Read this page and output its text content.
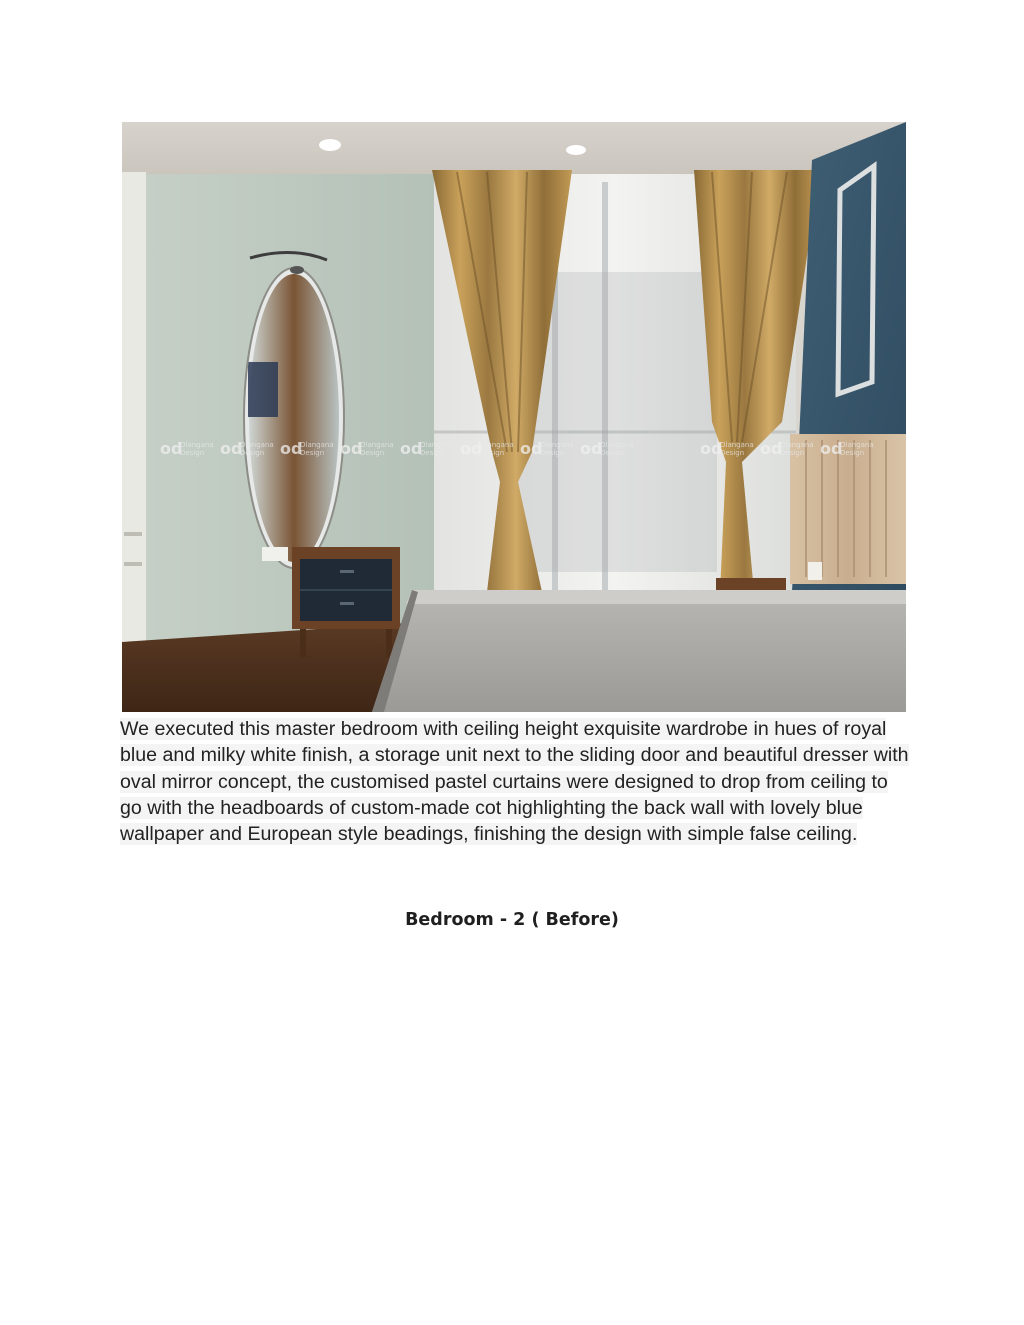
od
Olangana
Design od
Olangana
Design od
Olangana
Design od
Olangana
Design od
Olangana
Design od
Olangana
Design od
Olangana
Design od
Olangana
Design	od
Olangana
Design od
Olangana
Design od
Olangana
Design

We executed this master bedroom with ceiling height exquisite wardrobe in hues of royal blue and milky white finish, a storage unit next to the sliding door and beautiful dresser with oval mirror concept, the customised pastel curtains were designed to drop from ceiling to go with the headboards of custom-made cot highlighting the back wall with lovely blue wallpaper and European style beadings, finishing the design with simple false ceiling.

Bedroom - 2 ( Before)
